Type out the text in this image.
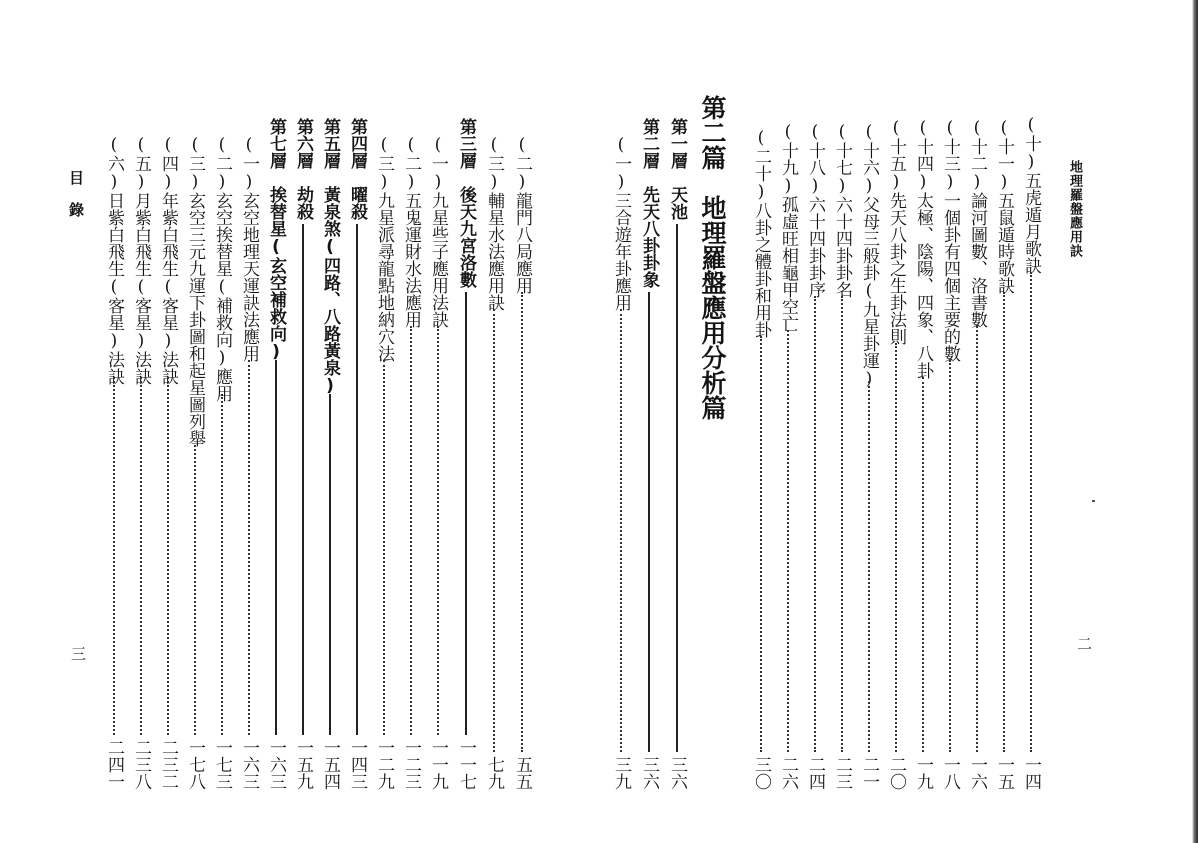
地理羅盤應用訣
二
(十)五虎遁月歌訣
一四
(十一)五鼠遁時歌訣
一五
(十二)論河圖數、洛書數
一六
(十三)一個卦有四個主要的數
一八
(十四)太極、陰陽、四象、八卦
一九
(十五)先天八卦之生卦法則
二〇
(十六)父母三般卦(九星卦運)
二一
(十七)六十四卦卦名
二三
(十八)六十四卦卦序
二四
(十九)孤虛旺相龜甲空亡
二六
(二十)八卦之體卦和用卦
三〇
第二篇　地理羅盤應用分析篇
第一層　天池
三六
第二層　先天八卦卦象
三六
(一)三合遊年卦應用
三九
目　錄
三
(二)龍門八局應用
五五
(三)輔星水法應用訣
七九
第三層　後天九宮洛數
一一七
(一)九星些子應用法訣
一一九
(二)五鬼運財水法應用
一二三
(三)九星派尋龍點地納穴法
一二九
第四層　曜殺
一四三
第五層　黃泉煞(四路、八路黃泉)
一五四
第六層　劫殺
一五九
第七層　挨替星(玄空補救向)
一六三
(一)玄空地理天運訣法應用
一六三
(二)玄空挨替星(補救向)應用
一七三
(三)玄空三元九運下卦圖和起星圖列舉
一七八
(四)年紫白飛生(客星)法訣
二三二
(五)月紫白飛生(客星)法訣
二三八
(六)日紫白飛生(客星)法訣
二四一
